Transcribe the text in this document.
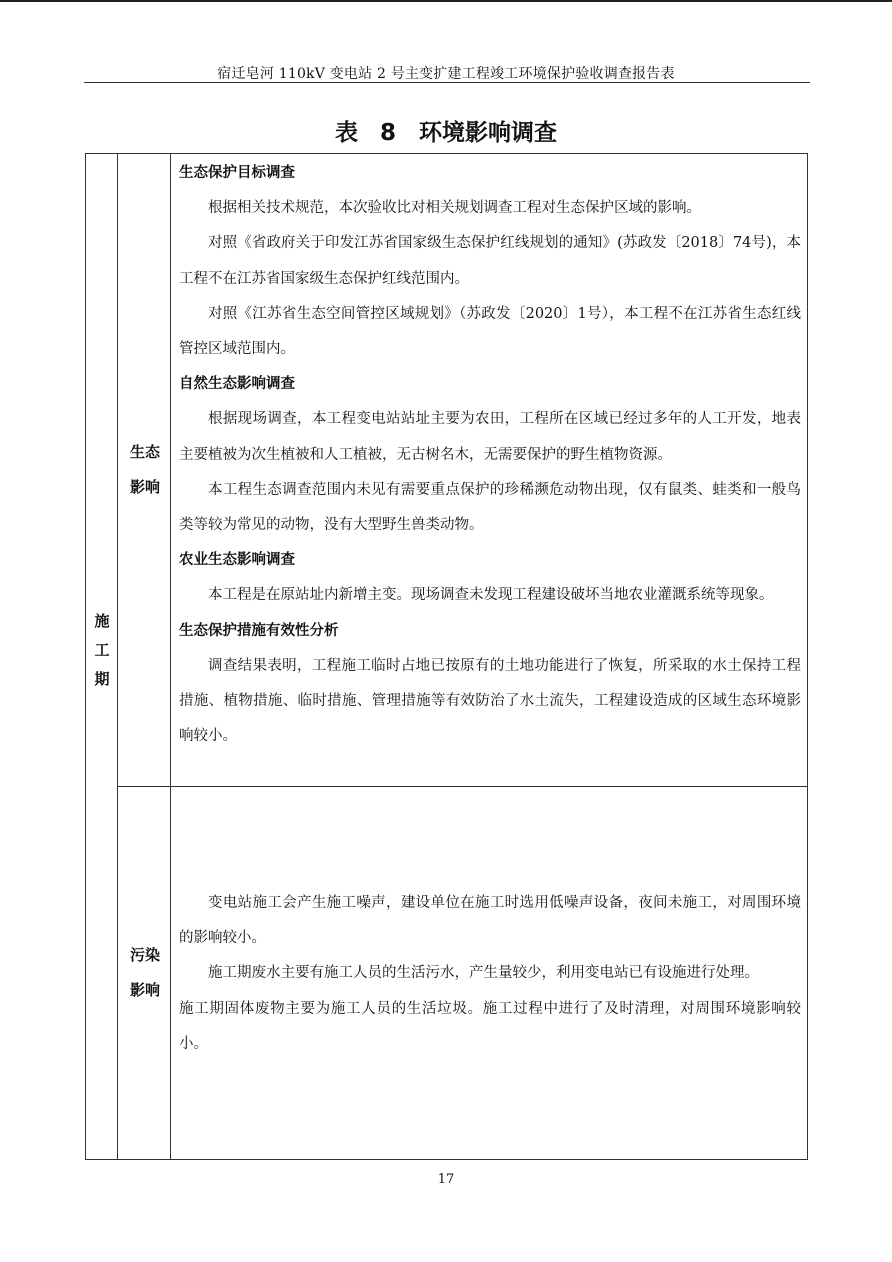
宿迁皂河 110kV 变电站 2 号主变扩建工程竣工环境保护验收调查报告表
表 8　环境影响调查
施工期
生态
影响
污染
影响
生态保护目标调查

根据相关技术规范，本次验收比对相关规划调查工程对生态保护区域的影响。

对照《省政府关于印发江苏省国家级生态保护红线规划的通知》(苏政发〔2018〕74号)，本工程不在江苏省国家级生态保护红线范围内。

对照《江苏省生态空间管控区域规划》（苏政发〔2020〕1号），本工程不在江苏省生态红线管控区域范围内。

自然生态影响调查

根据现场调查，本工程变电站站址主要为农田，工程所在区域已经过多年的人工开发，地表主要植被为次生植被和人工植被，无古树名木，无需要保护的野生植物资源。

本工程生态调查范围内未见有需要重点保护的珍稀濒危动物出现，仅有鼠类、蛙类和一般鸟类等较为常见的动物，没有大型野生兽类动物。

农业生态影响调查

本工程是在原站址内新增主变。现场调查未发现工程建设破坏当地农业灌溉系统等现象。

生态保护措施有效性分析

调查结果表明，工程施工临时占地已按原有的土地功能进行了恢复，所采取的水土保持工程措施、植物措施、临时措施、管理措施等有效防治了水土流失，工程建设造成的区域生态环境影响较小。

变电站施工会产生施工噪声，建设单位在施工时选用低噪声设备，夜间未施工，对周围环境的影响较小。

施工期废水主要有施工人员的生活污水，产生量较少，利用变电站已有设施进行处理。

施工期固体废物主要为施工人员的生活垃圾。施工过程中进行了及时清理，对周围环境影响较小。

17
